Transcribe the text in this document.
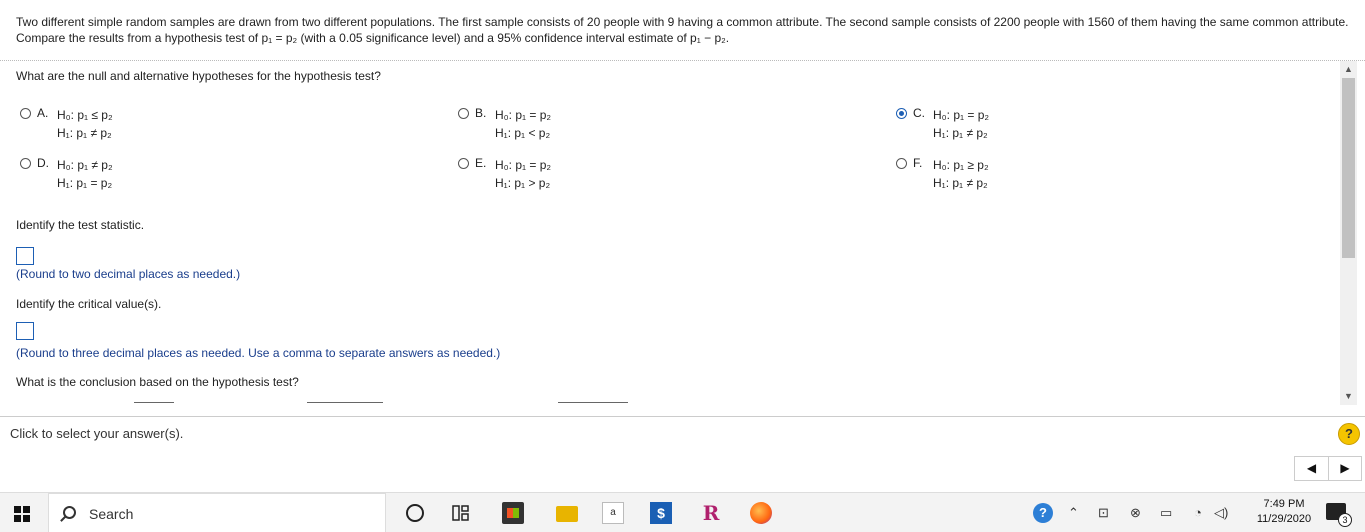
Two different simple random samples are drawn from two different populations. The first sample consists of 20 people with 9 having a common attribute. The second sample consists of 2200 people with 1560 of them having the same common attribute. Compare the results from a hypothesis test of p₁ = p₂ (with a 0.05 significance level) and a 95% confidence interval estimate of p₁ − p₂.
What are the null and alternative hypotheses for the hypothesis test?
A. H₀: p₁ ≤ p₂
H₁: p₁ ≠ p₂
B. H₀: p₁ = p₂
H₁: p₁ < p₂
C. H₀: p₁ = p₂
H₁: p₁ ≠ p₂
D. H₀: p₁ ≠ p₂
H₁: p₁ = p₂
E. H₀: p₁ = p₂
H₁: p₁ > p₂
F. H₀: p₁ ≥ p₂
H₁: p₁ ≠ p₂
Identify the test statistic.
(Round to two decimal places as needed.)
Identify the critical value(s).
(Round to three decimal places as needed. Use a comma to separate answers as needed.)
What is the conclusion based on the hypothesis test?
▲
▼
Click to select your answer(s).	?
◀	▶
Search	a	$	R	?	⌃ ⊡ ⊗ ▭ ◔ ◁)
7:49 PM
11/29/2020	3
